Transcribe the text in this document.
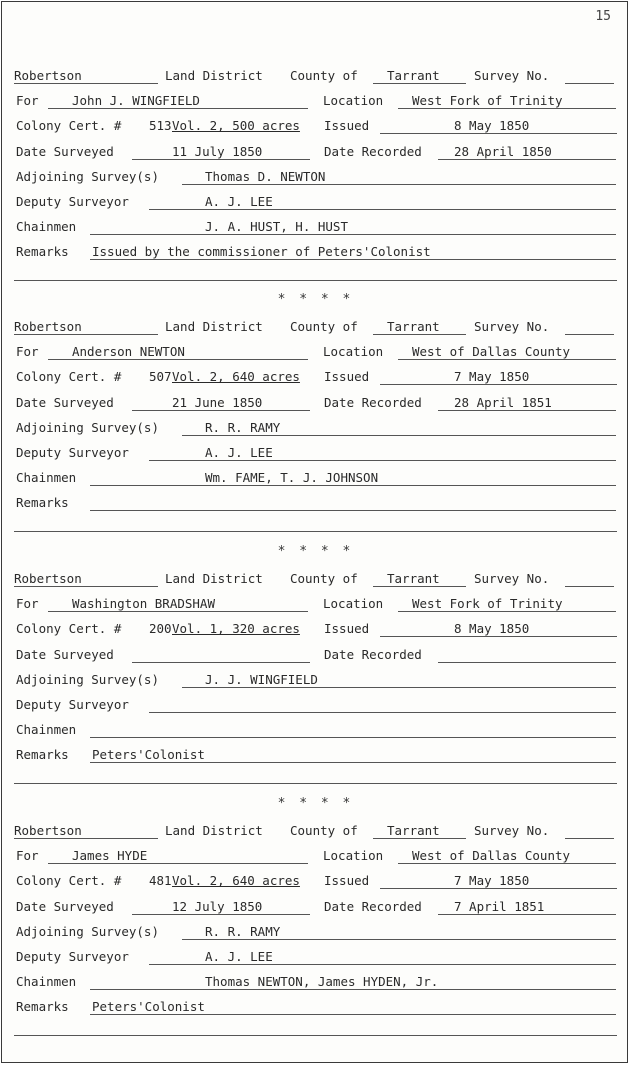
15
Robertson	Land District County of Tarrant	Survey No.
For	John J. WINGFIELD	Location West Fork of Trinity
Colony Cert. # 513 Vol. 2, 500 acres Issued	8 May 1850
Date Surveyed	11 July 1850	Date Recorded	28 April 1850
Adjoining Survey(s)	Thomas D. NEWTON
Deputy Surveyor	A. J. LEE
Chainmen	J. A. HUST, H. HUST
Remarks Issued by the commissioner of Peters'Colonist
Robertson	Land District County of Tarrant	Survey No.
For	Anderson NEWTON	Location West of Dallas County
Colony Cert. # 507 Vol. 2, 640 acres Issued	7 May 1850
Date Surveyed	21 June 1850	Date Recorded	28 April 1851
Adjoining Survey(s)	R. R. RAMY
Deputy Surveyor	A. J. LEE
Chainmen	Wm. FAME, T. J. JOHNSON
Remarks
Robertson	Land District County of Tarrant	Survey No.
For	Washington BRADSHAW	Location West Fork of Trinity
Colony Cert. # 200 Vol. 1, 320 acres Issued	8 May 1850
Date Surveyed	Date Recorded
Adjoining Survey(s)	J. J. WINGFIELD
Deputy Surveyor
Chainmen
Remarks Peters'Colonist
Robertson	Land District County of Tarrant	Survey No.
For	James HYDE	Location West of Dallas County
Colony Cert. # 481 Vol. 2, 640 acres Issued	7 May 1850
Date Surveyed	12 July 1850	Date Recorded	7 April 1851
Adjoining Survey(s)	R. R. RAMY
Deputy Surveyor	A. J. LEE
Chainmen	Thomas NEWTON, James HYDEN, Jr.
Remarks Peters'Colonist
* * * *
* * * *
* * * *
